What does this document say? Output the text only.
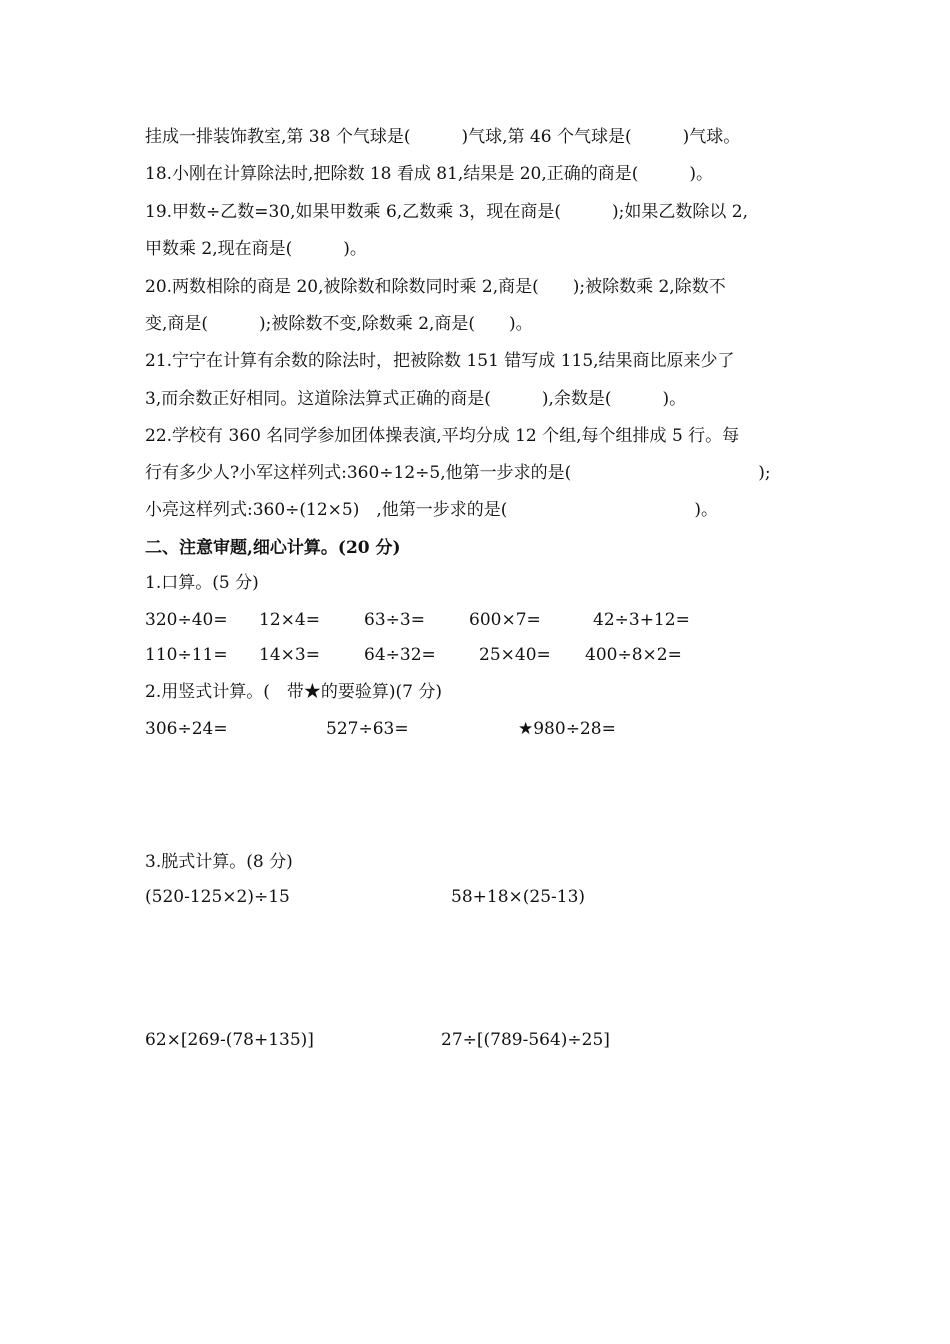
挂成一排装饰教室,第 38 个气球是(　　　)气球,第 46 个气球是(　　　)气球。
18.小刚在计算除法时,把除数 18 看成 81,结果是 20,正确的商是(　　　)。
19.甲数÷乙数=30,如果甲数乘 6,乙数乘 3，现在商是(　　　);如果乙数除以 2,
甲数乘 2,现在商是(　　　)。
20.两数相除的商是 20,被除数和除数同时乘 2,商是(　　);被除数乘 2,除数不
变,商是(　　　);被除数不变,除数乘 2,商是(　　)。
21.宁宁在计算有余数的除法时，把被除数 151 错写成 115,结果商比原来少了
3,而余数正好相同。这道除法算式正确的商是(　　　),余数是(　　　)。
22.学校有 360 名同学参加团体操表演,平均分成 12 个组,每个组排成 5 行。每
行有多少人?小军这样列式:360÷12÷5,他第一步求的是(　　　　　　　　　　　);
小亮这样列式:360÷(12×5)　,他第一步求的是(　　　　　　　　　　　)。
二、注意审题,细心计算。(20 分)
1.口算。(5 分)
320÷40= 12×4=	63÷3=	600×7=	42÷3+12=
110÷11= 14×3=	64÷32=	25×40= 400÷8×2=
2.用竖式计算。(　带★的要验算)(7 分)
306÷24=	527÷63=	★980÷28=
3.脱式计算。(8 分)
(520-125×2)÷15	58+18×(25-13)
62×[269-(78+135)]	27÷[(789-564)÷25]
